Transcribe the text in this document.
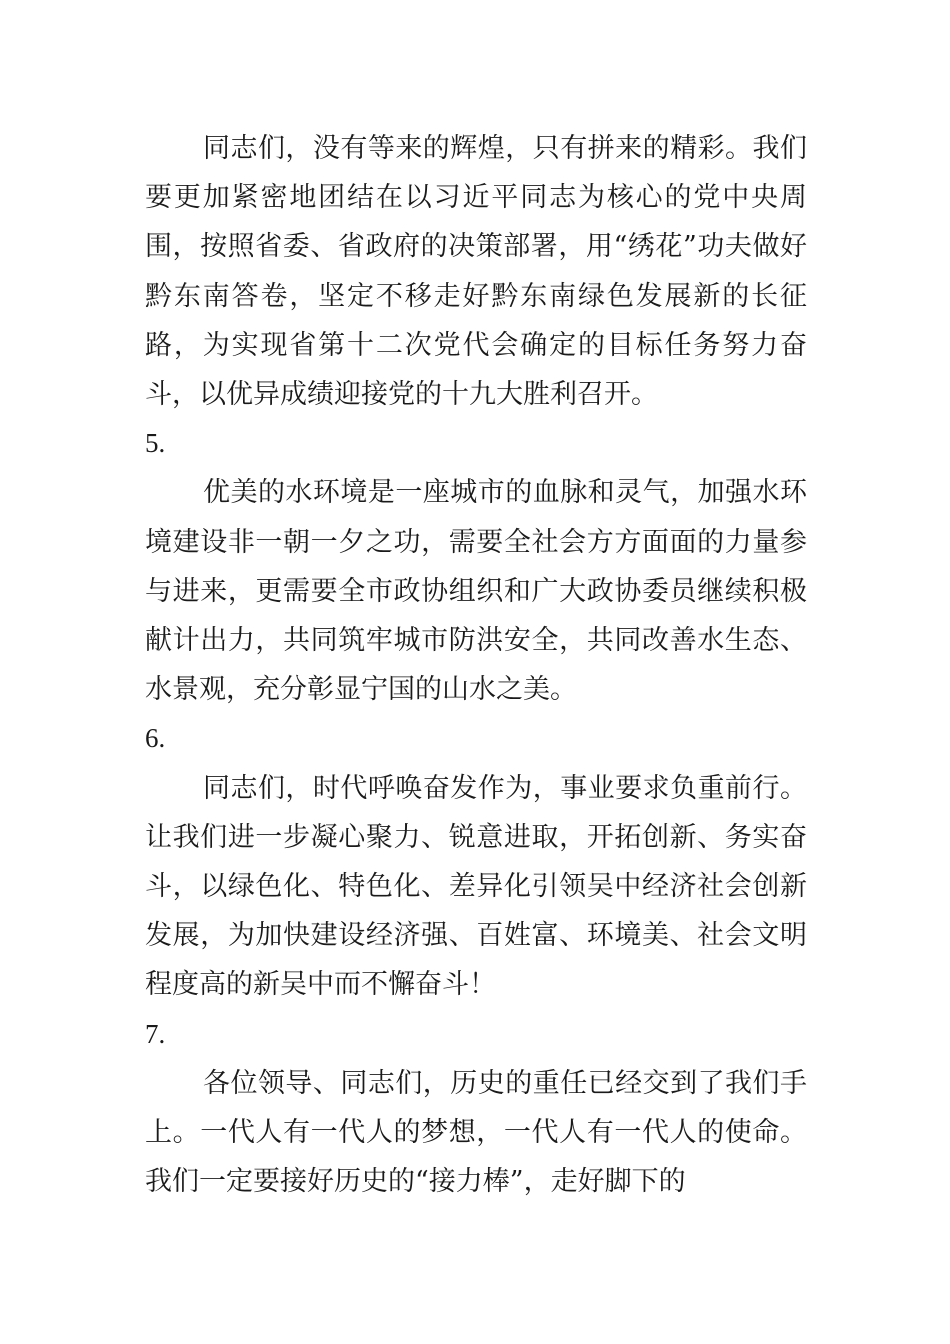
同志们，没有等来的辉煌，只有拼来的精彩。我们要更加紧密地团结在以习近平同志为核心的党中央周围，按照省委、省政府的决策部署，用“绣花”功夫做好黔东南答卷，坚定不移走好黔东南绿色发展新的长征路，为实现省第十二次党代会确定的目标任务努力奋斗，以优异成绩迎接党的十九大胜利召开。

5.

优美的水环境是一座城市的血脉和灵气，加强水环境建设非一朝一夕之功，需要全社会方方面面的力量参与进来，更需要全市政协组织和广大政协委员继续积极献计出力，共同筑牢城市防洪安全，共同改善水生态、水景观，充分彰显宁国的山水之美。

6.

同志们，时代呼唤奋发作为，事业要求负重前行。让我们进一步凝心聚力、锐意进取，开拓创新、务实奋斗，以绿色化、特色化、差异化引领吴中经济社会创新发展，为加快建设经济强、百姓富、环境美、社会文明程度高的新吴中而不懈奋斗！

7.

各位领导、同志们，历史的重任已经交到了我们手上。一代人有一代人的梦想，一代人有一代人的使命。我们一定要接好历史的“接力棒”，走好脚下的
